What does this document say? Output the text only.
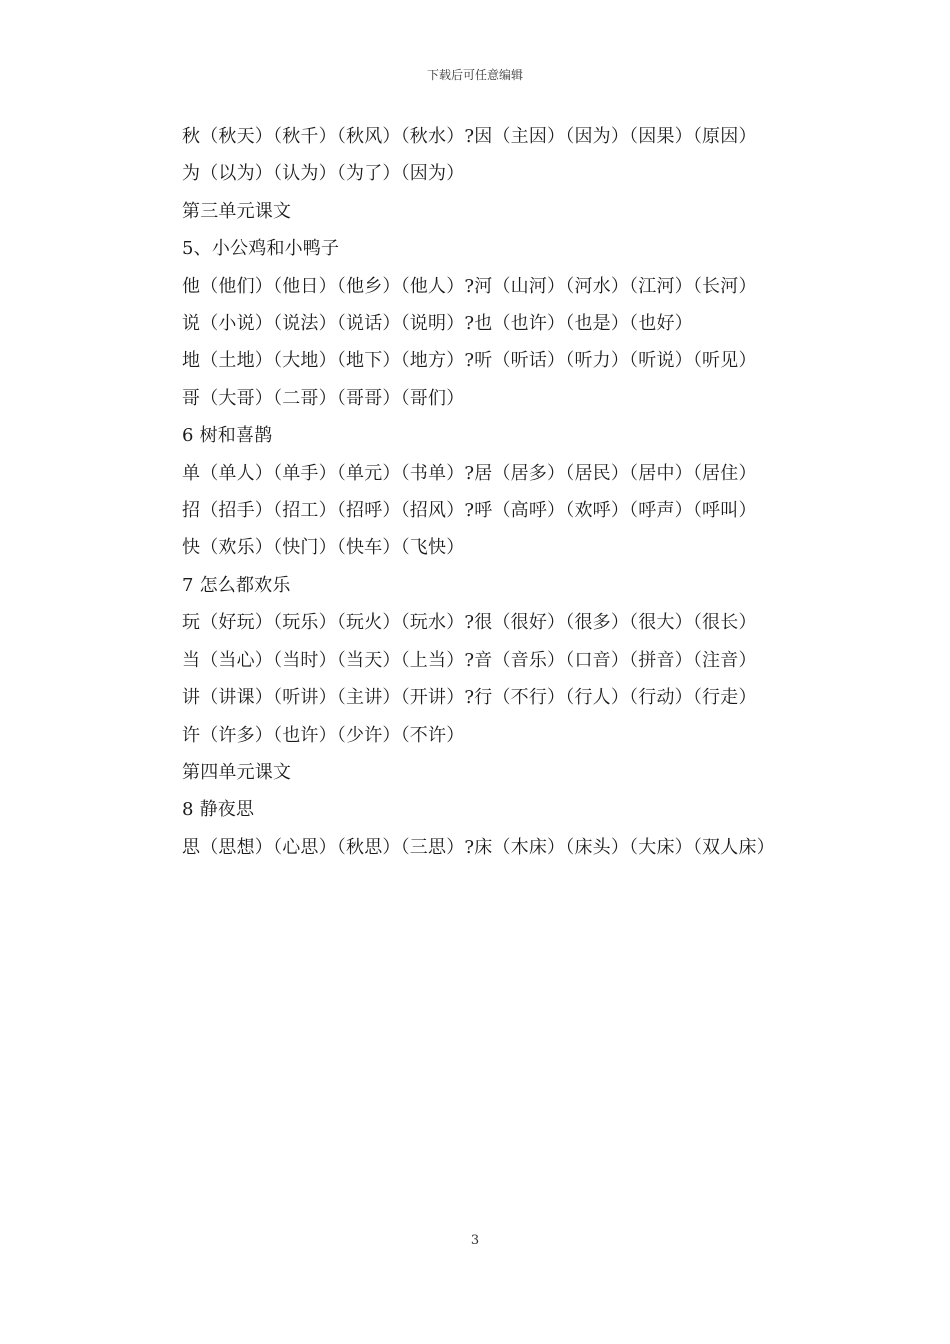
下载后可任意编辑

秋（秋天）（秋千）（秋风）（秋水）?因（主因）（因为）（因果）（原因）

为（以为）（认为）（为了）（因为）

第三单元课文

5、小公鸡和小鸭子

他（他们）（他日）（他乡）（他人）?河（山河）（河水）（江河）（长河）

说（小说）（说法）（说话）（说明）?也（也许）（也是）（也好）

地（土地）（大地）（地下）（地方）?听（听话）（听力）（听说）（听见）

哥（大哥）（二哥）（哥哥）（哥们）

6 树和喜鹊

单（单人）（单手）（单元）（书单）?居（居多）（居民）（居中）（居住）

招（招手）（招工）（招呼）（招风）?呼（高呼）（欢呼）（呼声）（呼叫）

快（欢乐）（快门）（快车）（飞快）

7 怎么都欢乐

玩（好玩）（玩乐）（玩火）（玩水）?很（很好）（很多）（很大）（很长）

当（当心）（当时）（当天）（上当）?音（音乐）（口音）（拼音）（注音）

讲（讲课）（听讲）（主讲）（开讲）?行（不行）（行人）（行动）（行走）

许（许多）（也许）（少许）（不许）

第四单元课文

8 静夜思

思（思想）（心思）（秋思）（三思）?床（木床）（床头）（大床）（双人床）

3
